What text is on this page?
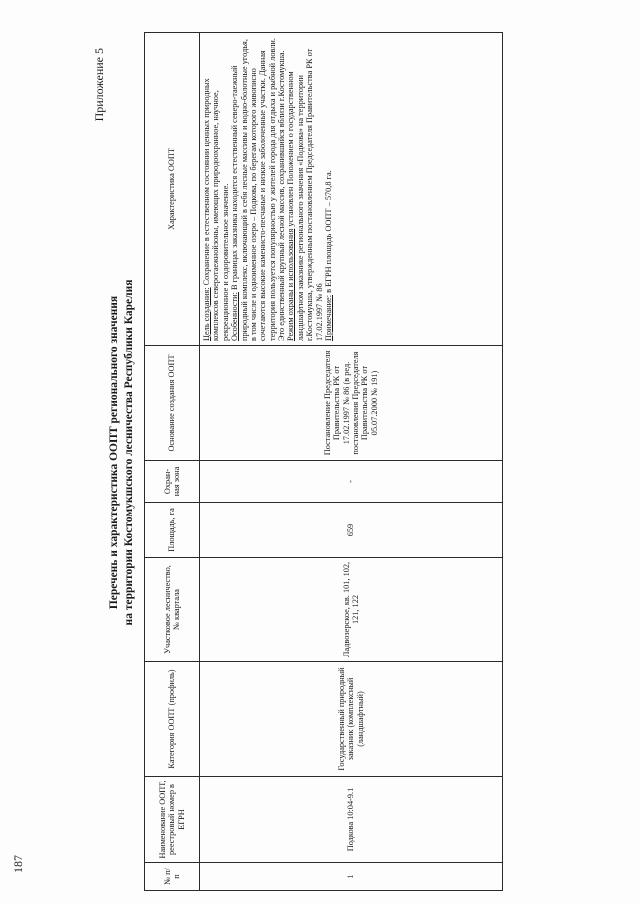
187
Приложение 5
Перечень и характеристика ООПТ регионального значения на территории Костомукшского лесничества Республики Карелия
№ п/п	Наименование ООПТ, реестровый номер в ЕГРН	Категория ООПТ (профиль)	Участковое лесничество, № квартала	Площадь, га	Охран-ная зона	Основание создания ООПТ	Характеристика ООПТ
1	Подкова 10:04-9.1	Государственный природный заказник (комплексный (ландшафтный)	Ладвозерское, кв. 101, 102, 121, 122	659	-	Постановление Председателя Правительства РК от 17.02.1997 № 86 (в ред. постановления Председателя Правительства РК от 05.07.2000 № 191)	Цель создания: Сохранение в естественном состоянии ценных природных комплексов северотаежнойзоны, имеющих природоохранное, научное, рекреационное и оздоровительное значение. Особенности: В границах заказника находится естественный северо-таежный природный комплекс, включающий в себя лесные массивы и водно-болотные угодья, в том числе и одноименное озеро – Подкова, по берегам которого живописно сочетаются высокие каменисто-песчаные и низкие заболоченные участки. Данная территория пользуется популярностью у жителей города для отдыха и рыбной ловли. Это единственный крупный лесной массив, сохранившийся вблизи г.Костомукша. Режим охраны и использования установлен Положением о государственном ландшафтном заказнике регионального значения «Подкова» на территории г.Костомукша, утвержденным постановлением Председателя Правительства РК от 17.02.1997 № 86 Примечание: в ЕГРН площадь ООПТ – 570,8 га.
